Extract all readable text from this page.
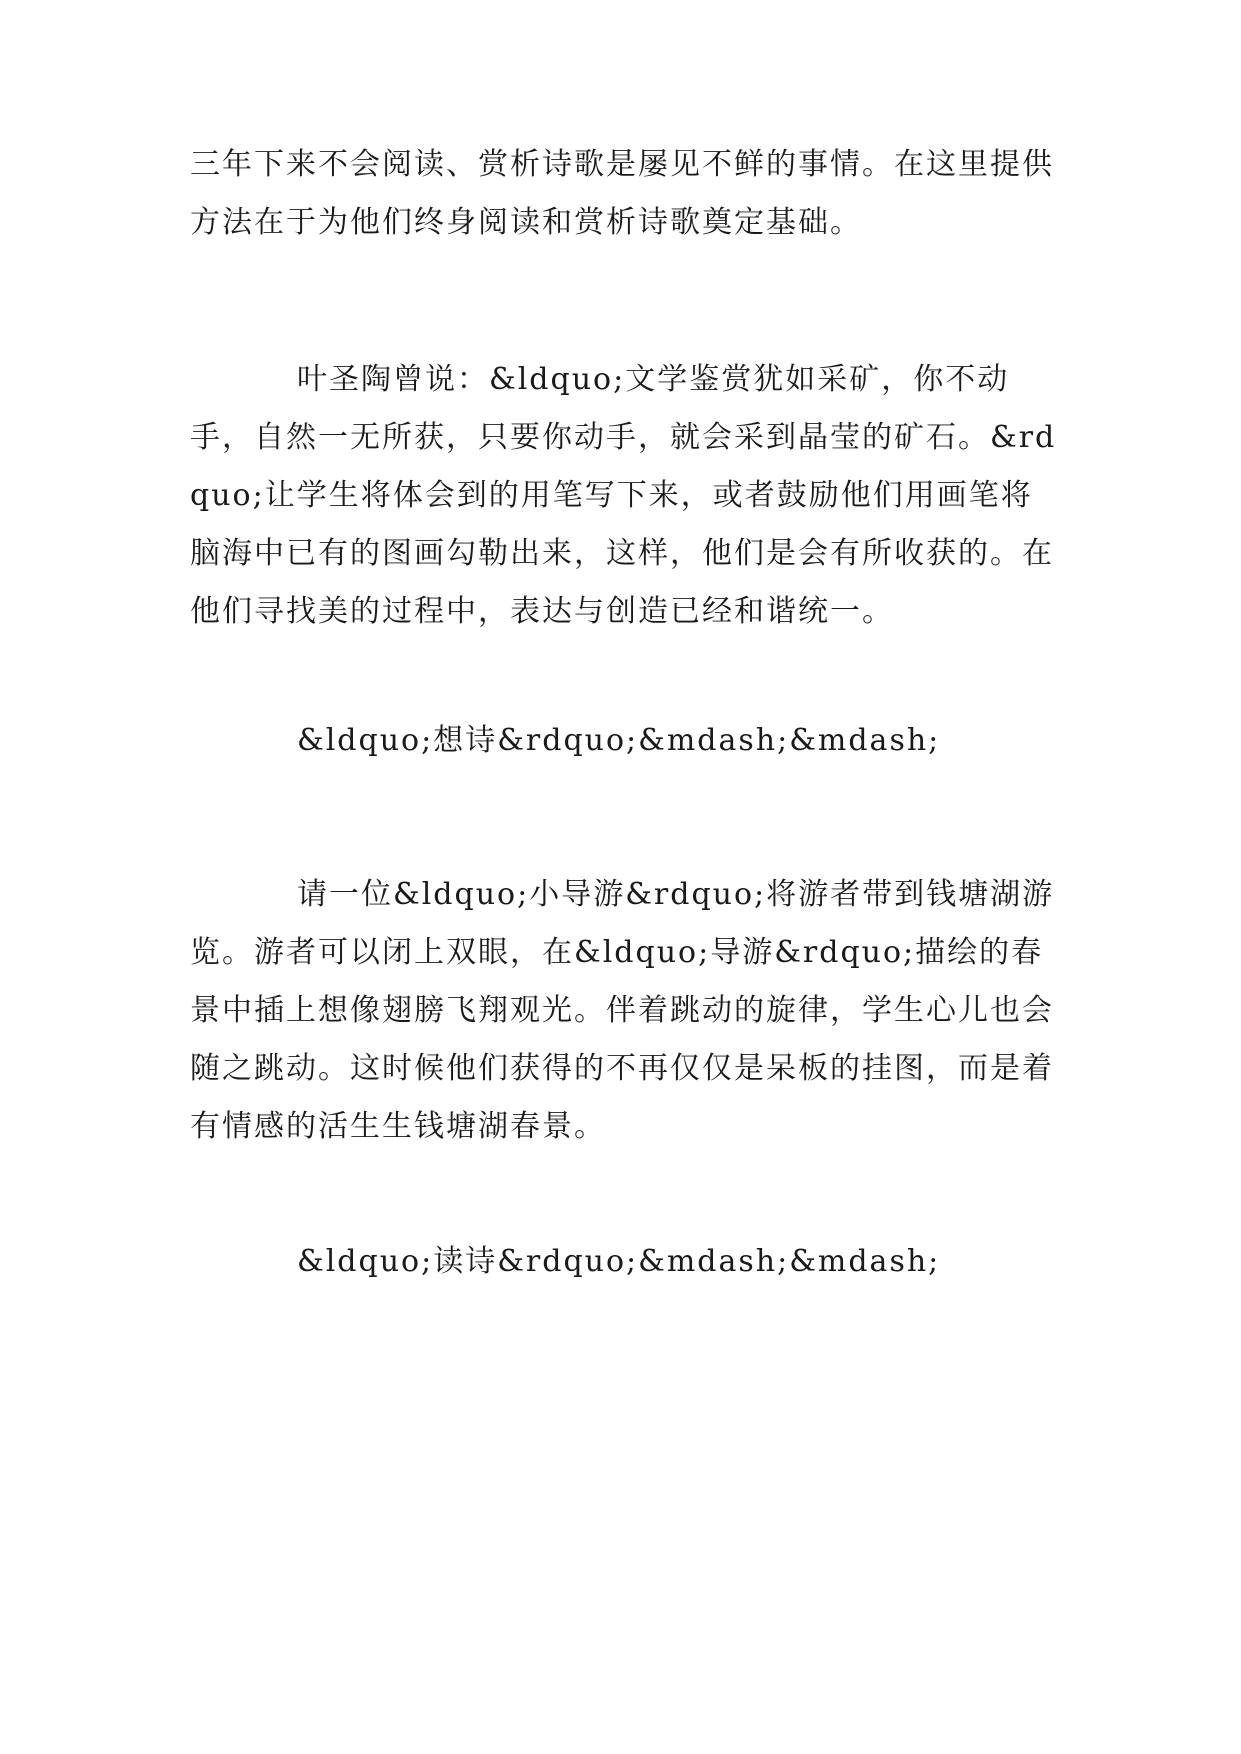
三年下来不会阅读、赏析诗歌是屡见不鲜的事情。在这里提供方法在于为他们终身阅读和赏析诗歌奠定基础。

叶圣陶曾说：&ldquo;文学鉴赏犹如采矿，你不动手，自然一无所获，只要你动手，就会采到晶莹的矿石。&rdquo;让学生将体会到的用笔写下来，或者鼓励他们用画笔将脑海中已有的图画勾勒出来，这样，他们是会有所收获的。在他们寻找美的过程中，表达与创造已经和谐统一。

&ldquo;想诗&rdquo;&mdash;&mdash;

请一位&ldquo;小导游&rdquo;将游者带到钱塘湖游览。游者可以闭上双眼，在&ldquo;导游&rdquo;描绘的春景中插上想像翅膀飞翔观光。伴着跳动的旋律，学生心儿也会随之跳动。这时候他们获得的不再仅仅是呆板的挂图，而是着有情感的活生生钱塘湖春景。

&ldquo;读诗&rdquo;&mdash;&mdash;
